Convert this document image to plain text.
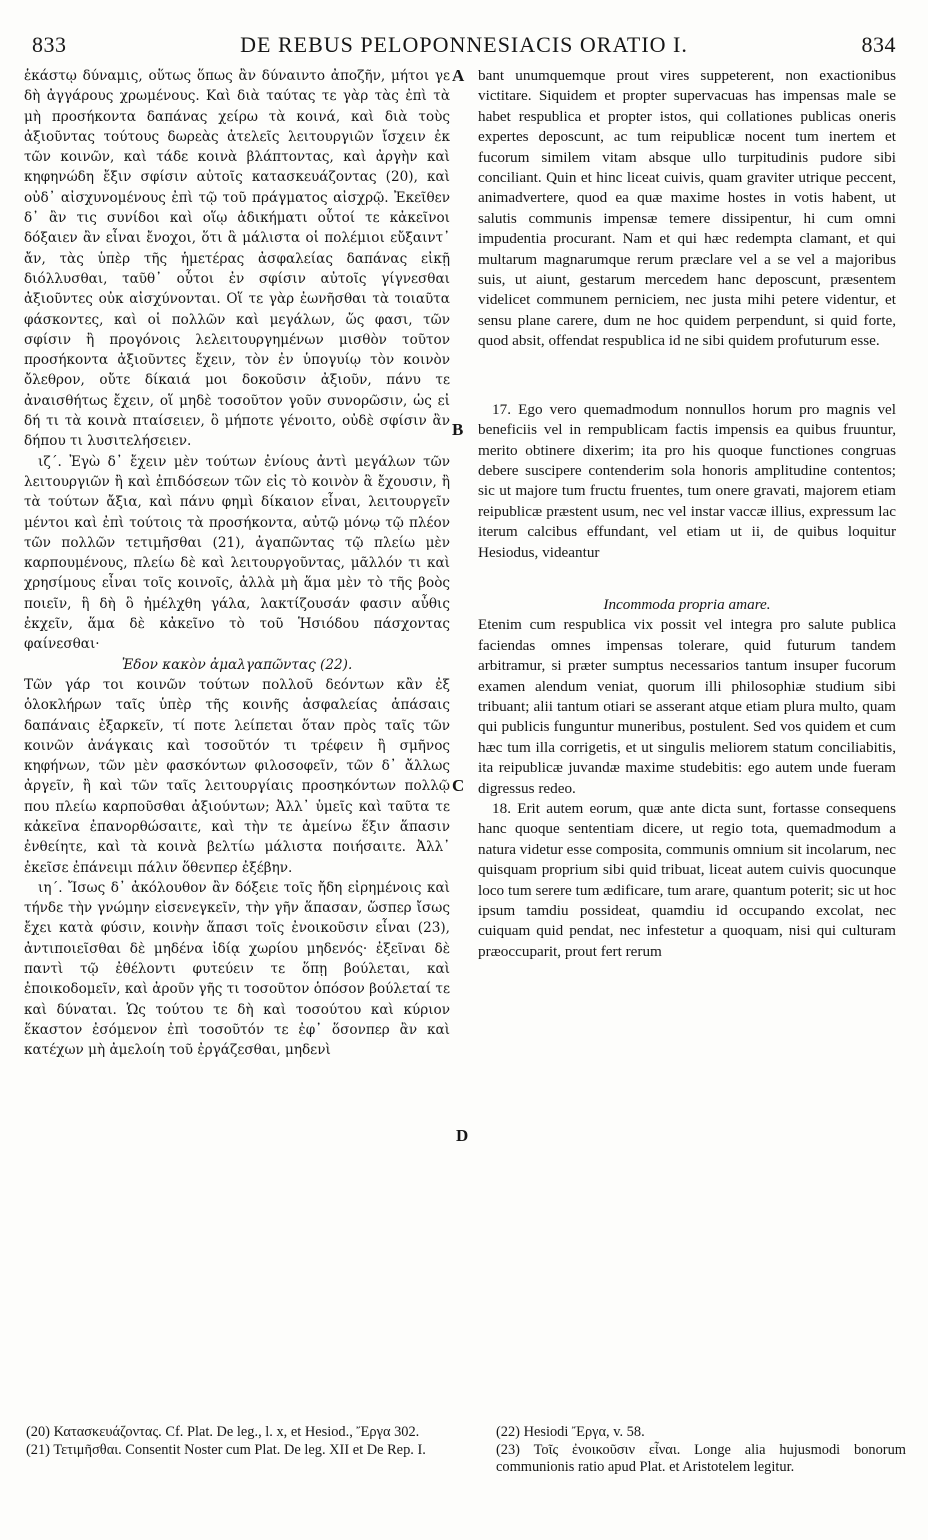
833	DE REBUS PELOPONNESIACIS ORATIO I.	834

ἑκάστῳ δύναμις, οὕτως ὅπως ἂν δύναιντο ἀποζῆν, μήτοι γε δὴ ἀγγάρους χρωμένους. Καὶ διὰ ταύτας τε γὰρ τὰς ἐπὶ τὰ μὴ προσήκοντα δαπάνας χείρω τὰ κοινά, καὶ διὰ τοὺς ἀξιοῦντας τούτους δωρεὰς ἀτελεῖς λειτουργιῶν ἴσχειν ἐκ τῶν κοινῶν, καὶ τάδε κοινὰ βλάπτοντας, καὶ ἀργὴν καὶ κηφηνώδη ἔξιν σφίσιν αὐτοῖς κατασκευάζοντας (20), καὶ οὐδ᾽ αἰσχυνομένους ἐπὶ τῷ τοῦ πράγματος αἰσχρῷ. Ἐκεῖθεν δ᾽ ἂν τις συνίδοι καὶ οἵῳ ἀδικήματι οὗτοί τε κἀκεῖνοι δόξαιεν ἂν εἶναι ἔνοχοι, ὅτι ἃ μάλιστα οἱ πολέμιοι εὔξαιντ᾽ ἄν, τὰς ὑπὲρ τῆς ἡμετέρας ἀσφαλείας δαπάνας εἰκῇ διόλλυσθαι, ταῦθ᾽ οὗτοι ἐν σφίσιν αὐτοῖς γίγνεσθαι ἀξιοῦντες οὐκ αἰσχύνονται. Οἵ τε γὰρ ἐωνῆσθαι τὰ τοιαῦτα φάσκοντες, καὶ οἱ πολλῶν καὶ μεγάλων, ὥς φασι, τῶν σφίσιν ἢ προγόνοις λελειτουργημένων μισθὸν τοῦτον προσήκοντα ἀξιοῦντες ἔχειν, τὸν ἐν ὑπογυίῳ τὸν κοινὸν ὄλεθρον, οὔτε δίκαιά μοι δοκοῦσιν ἀξιοῦν, πάνυ τε ἀναισθήτως ἔχειν, οἵ μηδὲ τοσοῦτον γοῦν συνορῶσιν, ὡς εἰ δή τι τὰ κοινὰ πταίσειεν, ὃ μήποτε γένοιτο, οὐδὲ σφίσιν ἂν δήπου τι λυσιτελήσειεν.

ιζ΄. Ἐγὼ δ᾽ ἔχειν μὲν τούτων ἐνίους ἀντὶ μεγάλων τῶν λειτουργιῶν ἢ καὶ ἐπιδόσεων τῶν εἰς τὸ κοινὸν ἃ ἔχουσιν, ἢ τὰ τούτων ἄξια, καὶ πάνυ φημὶ δίκαιον εἶναι, λειτουργεῖν μέντοι καὶ ἐπὶ τούτοις τὰ προσήκοντα, αὐτῷ μόνῳ τῷ πλέον τῶν πολλῶν τετιμῆσθαι (21), ἀγαπῶντας τῷ πλείω μὲν καρπουμένους, πλείω δὲ καὶ λειτουργοῦντας, μᾶλλόν τι καὶ χρησίμους εἶναι τοῖς κοινοῖς, ἀλλὰ μὴ ἅμα μὲν τὸ τῆς βοὸς ποιεῖν, ἣ δὴ ὃ ἠμέλχθη γάλα, λακτίζουσάν φασιν αὖθις ἐκχεῖν, ἅμα δὲ κἀκεῖνο τὸ τοῦ Ἡσιόδου πάσχοντας φαίνεσθαι·

Ἐδον κακὸν ἀμαλγαπῶντας (22).

Τῶν γάρ τοι κοινῶν τούτων πολλοῦ δεόντων κἂν ἐξ ὁλοκλήρων ταῖς ὑπὲρ τῆς κοινῆς ἀσφαλείας ἁπάσαις δαπάναις ἐξαρκεῖν, τί ποτε λείπεται ὅταν πρὸς ταῖς τῶν κοινῶν ἀνάγκαις καὶ τοσοῦτόν τι τρέφειν ἢ σμῆνος κηφήνων, τῶν μὲν φασκόντων φιλοσοφεῖν, τῶν δ᾽ ἄλλως ἀργεῖν, ἢ καὶ τῶν ταῖς λειτουργίαις προσηκόντων πολλῷ που πλείω καρποῦσθαι ἀξιούντων; Ἀλλ᾽ ὑμεῖς καὶ ταῦτα τε κἀκεῖνα ἐπανορθώσαιτε, καὶ τὴν τε ἀμείνω ἕξιν ἅπασιν ἐνθείητε, καὶ τὰ κοινὰ βελτίω μάλιστα ποιήσαιτε. Ἀλλ᾽ ἐκεῖσε ἐπάνειμι πάλιν ὅθενπερ ἐξέβην.

ιη΄. Ἴσως δ᾽ ἀκόλουθον ἂν δόξειε τοῖς ἤδη εἰρημένοις καὶ τήνδε τὴν γνώμην εἰσενεγκεῖν, τὴν γῆν ἅπασαν, ὥσπερ ἴσως ἔχει κατὰ φύσιν, κοινὴν ἅπασι τοῖς ἐνοικοῦσιν εἶναι (23), ἀντιποιεῖσθαι δὲ μηδένα ἰδίᾳ χωρίου μηδενός· ἐξεῖναι δὲ παντὶ τῷ ἐθέλοντι φυτεύειν τε ὅπῃ βούλεται, καὶ ἐποικοδομεῖν, καὶ ἀροῦν γῆς τι τοσοῦτον ὁπόσον βούλεταί τε καὶ δύναται. Ὡς τούτου τε δὴ καὶ τοσούτου καὶ κύριον ἕκαστον ἐσόμενον ἐπὶ τοσοῦτόν τε ἐφ᾽ ὅσονπερ ἂν καὶ κατέχων μὴ ἀμελοίη τοῦ ἐργάζεσθαι, μηδενὶ

A
B
C
D

bant unumquemque prout vires suppeterent, non exactionibus victitare. Siquidem et propter supervacuas has impensas male se habet respublica et propter istos, qui collationes publicas oneris expertes deposcunt, ac tum reipublicæ nocent tum inertem et fucorum similem vitam absque ullo turpitudinis pudore sibi conciliant. Quin et hinc liceat cuivis, quam graviter utrique peccent, animadvertere, quod ea quæ maxime hostes in votis habent, ut salutis communis impensæ temere dissipentur, hi cum omni impudentia procurant. Nam et qui hæc redempta clamant, et qui multarum magnarumque rerum præclare vel a se vel a majoribus suis, ut aiunt, gestarum mercedem hanc deposcunt, præsentem videlicet communem perniciem, nec justa mihi petere videntur, et sensu plane carere, dum ne hoc quidem perpendunt, si quid forte, quod absit, offendat respublica id ne sibi quidem profuturum esse.

17. Ego vero quemadmodum nonnullos horum pro magnis vel beneficiis vel in rempublicam factis impensis ea quibus fruuntur, merito obtinere dixerim; ita pro his quoque functiones congruas debere suscipere contenderim sola honoris amplitudine contentos; sic ut majore tum fructu fruentes, tum onere gravati, majorem etiam reipublicæ præstent usum, nec vel instar vaccæ illius, expressum lac iterum calcibus effundant, vel etiam ut ii, de quibus loquitur Hesiodus, videantur

Incommoda propria amare.

Etenim cum respublica vix possit vel integra pro salute publica faciendas omnes impensas tolerare, quid futurum tandem arbitramur, si præter sumptus necessarios tantum insuper fucorum examen alendum veniat, quorum illi philosophiæ studium sibi tribuant; alii tantum otiari se asserant atque etiam plura multo, quam qui publicis funguntur muneribus, postulent. Sed vos quidem et cum hæc tum illa corrigetis, et ut singulis meliorem statum conciliabitis, ita reipublicæ juvandæ maxime studebitis: ego autem unde fueram digressus redeo.

18. Erit autem eorum, quæ ante dicta sunt, fortasse consequens hanc quoque sententiam dicere, ut regio tota, quemadmodum a natura videtur esse composita, communis omnium sit incolarum, nec quisquam proprium sibi quid tribuat, liceat autem cuivis quocunque loco tum serere tum ædificare, tum arare, quantum poterit; sic ut hoc ipsum tamdiu possideat, quamdiu id occupando excolat, nec cuiquam quid pendat, nec infestetur a quoquam, nisi qui culturam præoccuparit, prout fert rerum

(20) Κατασκευάζοντας. Cf. Plat. De leg., l. x, et Hesiod., Ἔργα 302.

(21) Τετιμῆσθαι. Consentit Noster cum Plat. De leg. XII et De Rep. I.

(22) Hesiodi Ἔργα, v. 58.

(23) Τοῖς ἐνοικοῦσιν εἶναι. Longe alia hujusmodi bonorum communionis ratio apud Plat. et Aristotelem legitur.
